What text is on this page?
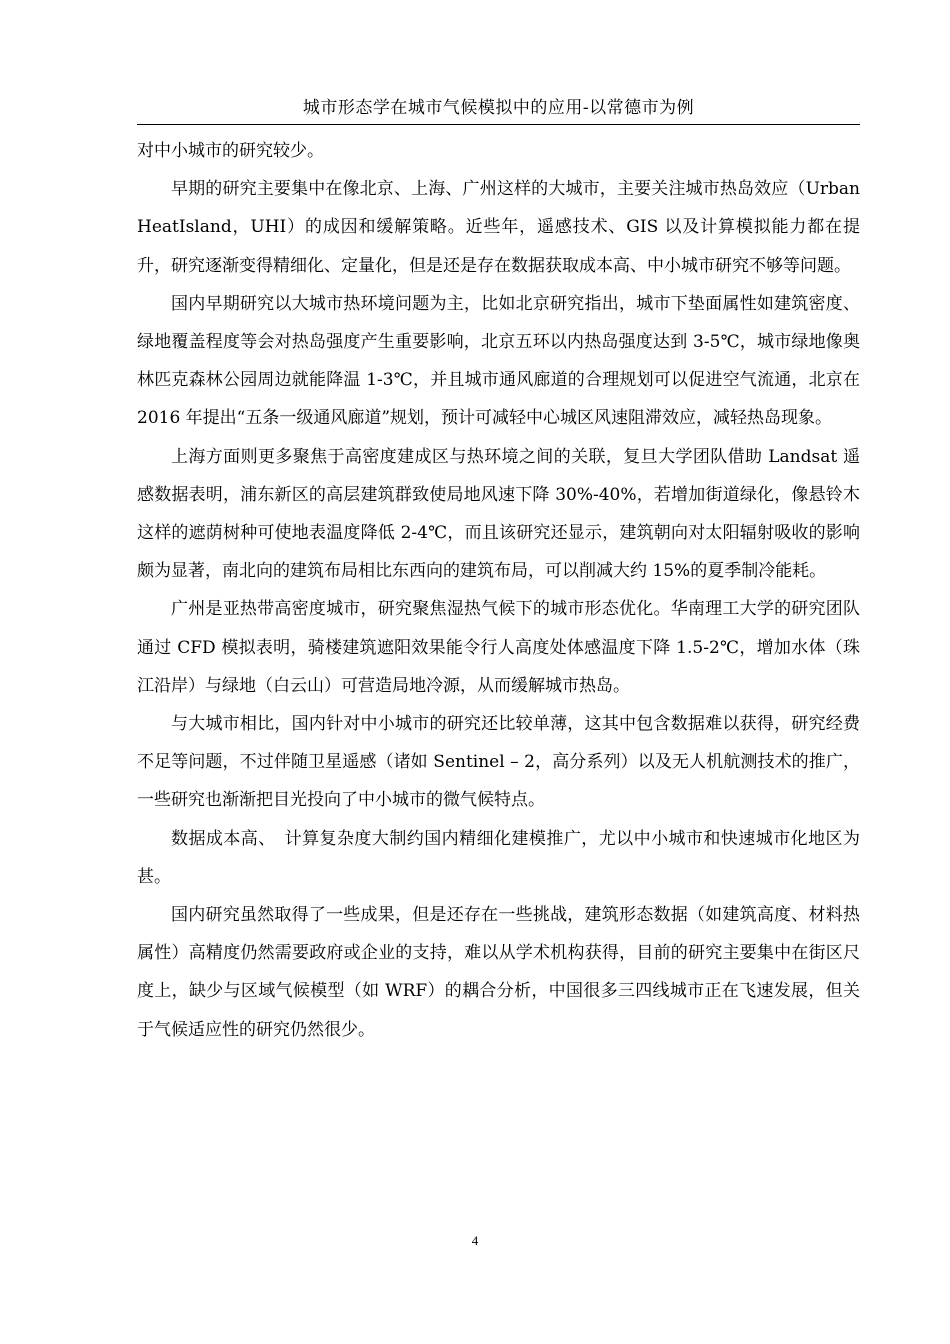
城市形态学在城市气候模拟中的应用-以常德市为例

对中小城市的研究较少。

早期的研究主要集中在像北京、上海、广州这样的大城市，主要关注城市热岛效应（UrbanHeatIsland，UHI）的成因和缓解策略。近些年，遥感技术、GIS 以及计算模拟能力都在提升，研究逐渐变得精细化、定量化，但是还是存在数据获取成本高、中小城市研究不够等问题。

国内早期研究以大城市热环境问题为主，比如北京研究指出，城市下垫面属性如建筑密度、绿地覆盖程度等会对热岛强度产生重要影响，北京五环以内热岛强度达到 3-5℃，城市绿地像奥林匹克森林公园周边就能降温 1-3℃，并且城市通风廊道的合理规划可以促进空气流通，北京在 2016 年提出“五条一级通风廊道”规划，预计可减轻中心城区风速阻滞效应，减轻热岛现象。

上海方面则更多聚焦于高密度建成区与热环境之间的关联，复旦大学团队借助 Landsat 遥感数据表明，浦东新区的高层建筑群致使局地风速下降 30%-40%，若增加街道绿化，像悬铃木这样的遮荫树种可使地表温度降低 2-4℃，而且该研究还显示，建筑朝向对太阳辐射吸收的影响颇为显著，南北向的建筑布局相比东西向的建筑布局，可以削减大约 15%的夏季制冷能耗。

广州是亚热带高密度城市，研究聚焦湿热气候下的城市形态优化。华南理工大学的研究团队通过 CFD 模拟表明，骑楼建筑遮阳效果能令行人高度处体感温度下降 1.5-2℃，增加水体（珠江沿岸）与绿地（白云山）可营造局地冷源，从而缓解城市热岛。

与大城市相比，国内针对中小城市的研究还比较单薄，这其中包含数据难以获得，研究经费不足等问题，不过伴随卫星遥感（诸如 Sentinel – 2，高分系列）以及无人机航测技术的推广，一些研究也渐渐把目光投向了中小城市的微气候特点。

数据成本高、　计算复杂度大制约国内精细化建模推广，尤以中小城市和快速城市化地区为甚。

国内研究虽然取得了一些成果，但是还存在一些挑战，建筑形态数据（如建筑高度、材料热属性）高精度仍然需要政府或企业的支持，难以从学术机构获得，目前的研究主要集中在街区尺度上，缺少与区域气候模型（如 WRF）的耦合分析，中国很多三四线城市正在飞速发展，但关于气候适应性的研究仍然很少。

4
